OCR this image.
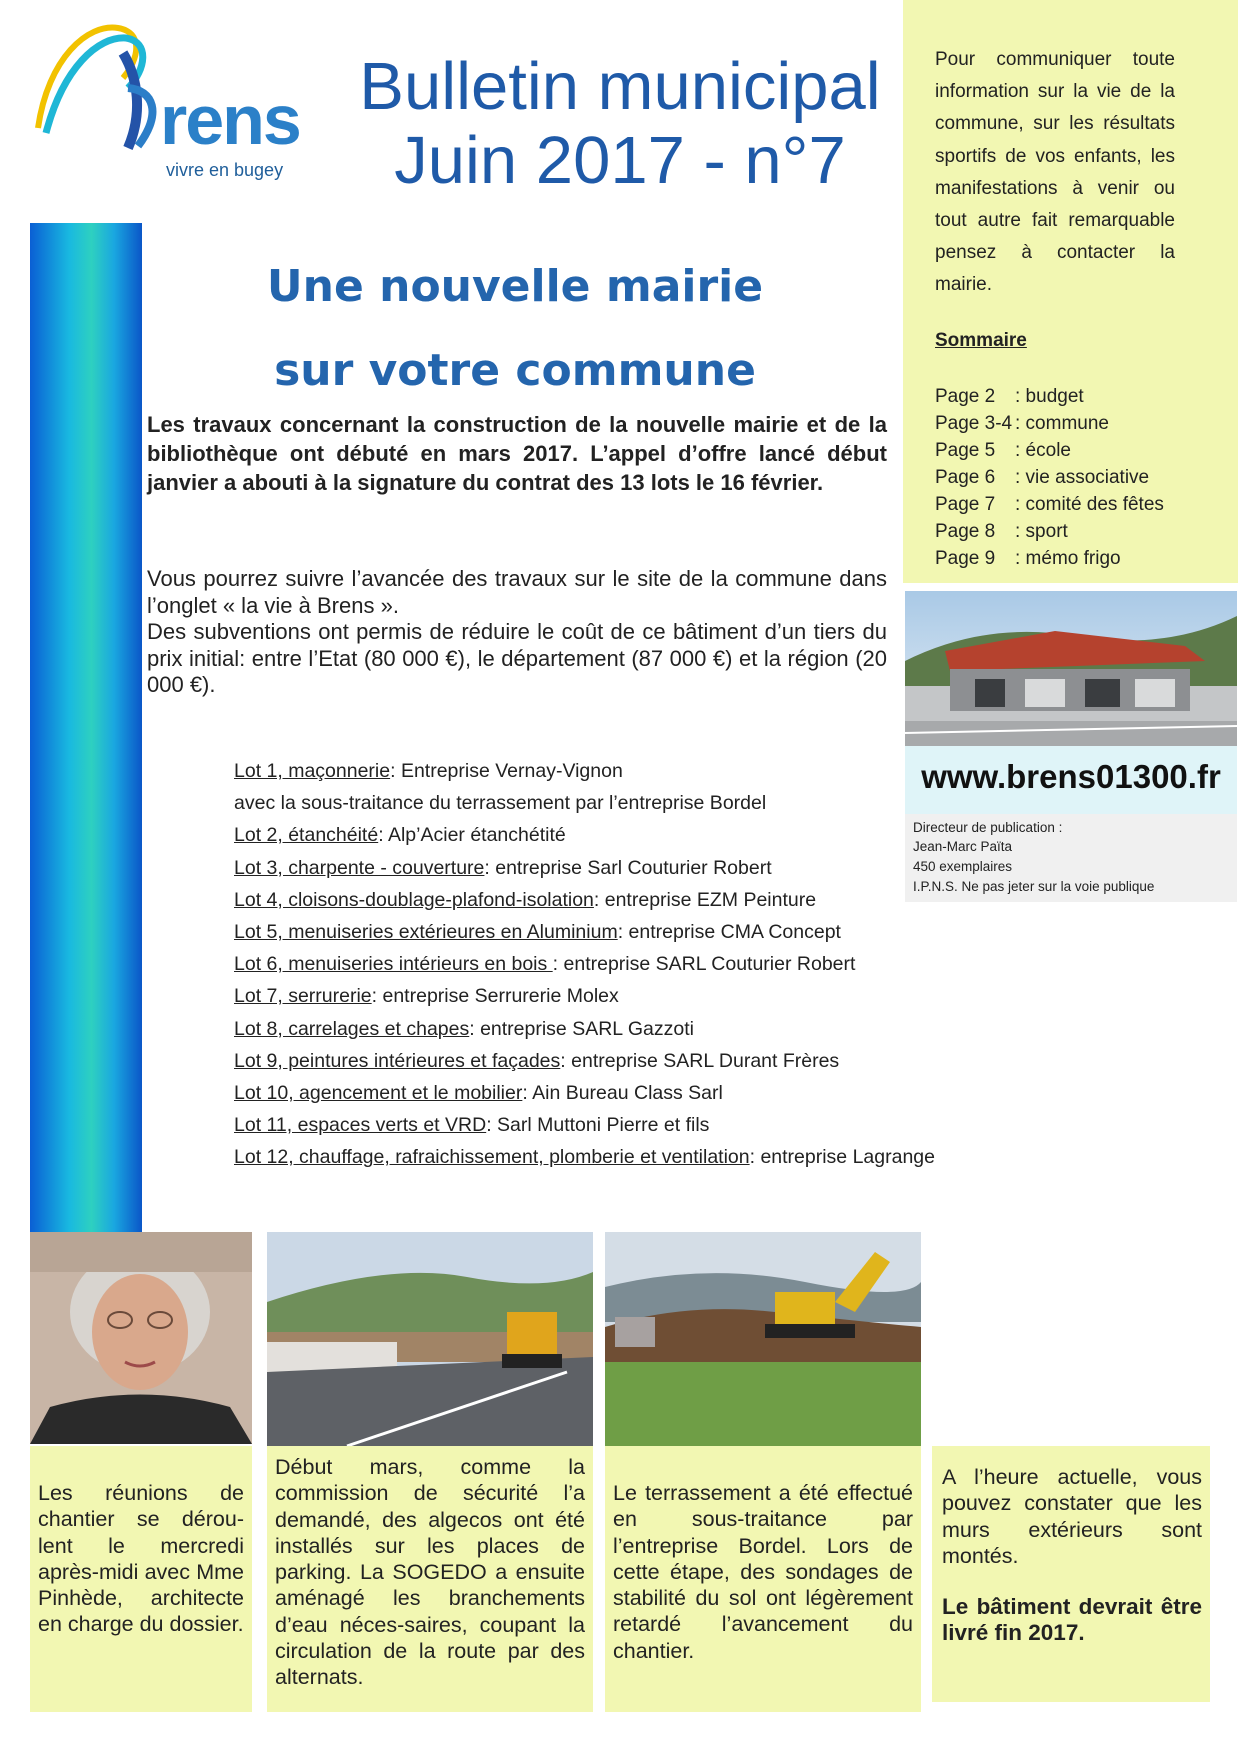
rens
vivre en bugey
Bulletin municipal
Juin 2017 - n°7
Une nouvelle mairie
sur votre commune
Les travaux concernant la construction de la nouvelle mairie et de la bibliothèque ont débuté en mars 2017. L’appel d’offre lancé début janvier a abouti à la signature du contrat des 13 lots le 16 février.
Vous pourrez suivre l’avancée des travaux sur le site de la commune dans l’onglet « la vie à Brens ».
Des subventions ont permis de réduire le coût de ce bâtiment d’un tiers du prix initial: entre l’Etat (80 000 €), le département (87 000 €) et la région (20 000 €).
Lot 1, maçonnerie: Entreprise Vernay-Vignon
avec la sous-traitance du terrassement par l’entreprise Bordel
Lot 2, étanchéité: Alp’Acier étanchétité
Lot 3, charpente - couverture: entreprise Sarl Couturier Robert
Lot 4, cloisons-doublage-plafond-isolation: entreprise EZM Peinture
Lot 5, menuiseries extérieures en Aluminium: entreprise CMA Concept
Lot 6, menuiseries intérieurs en bois : entreprise SARL Couturier Robert
Lot 7, serrurerie: entreprise Serrurerie Molex
Lot 8, carrelages et chapes: entreprise SARL Gazzoti
Lot 9, peintures intérieures et façades: entreprise SARL Durant Frères
Lot 10, agencement et le mobilier: Ain Bureau Class Sarl
Lot 11, espaces verts et VRD: Sarl Muttoni Pierre et fils
Lot 12, chauffage, rafraichissement, plomberie et ventilation: entreprise Lagrange
Pour communiquer toute information sur la vie de la commune, sur les résultats sportifs de vos enfants, les manifestations à venir ou tout autre fait remarquable pensez à contacter la mairie.
Sommaire
Page 2 : budget
Page 3-4 : commune
Page 5 : école
Page 6 : vie associative
Page 7 : comité des fêtes
Page 8 : sport
Page 9 : mémo frigo
www.brens01300.fr
Directeur de publication :
Jean-Marc Païta
450 exemplaires
I.P.N.S. Ne pas jeter sur la voie publique

Les réunions de chantier se dérou-lent le mercredi après-midi avec Mme Pinhède, architecte en charge du dossier.

Début mars, comme la commission de sécurité l’a demandé, des algecos ont été installés sur les places de parking. La SOGEDO a ensuite aménagé les branchements d’eau néces-saires, coupant la circulation de la route par des alternats.

Le terrassement a été effectué en sous-traitance par l’entreprise Bordel. Lors de cette étape, des sondages de stabilité du sol ont légèrement retardé l’avancement du chantier.

A l’heure actuelle, vous pouvez constater que les murs extérieurs sont montés.

Le bâtiment devrait être livré fin 2017.
